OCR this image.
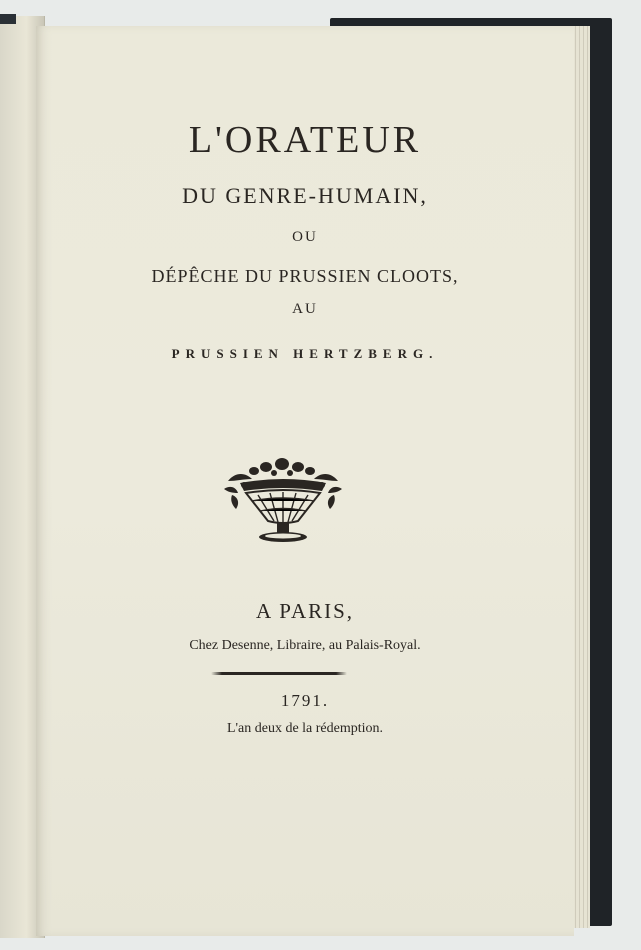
L'ORATEUR
DU GENRE-HUMAIN,
OU
DÉPÊCHE DU PRUSSIEN CLOOTS,
AU
PRUSSIEN HERTZBERG.
A PARIS,
Chez Desenne, Libraire, au Palais-Royal.
1791.
L'an deux de la rédemption.
